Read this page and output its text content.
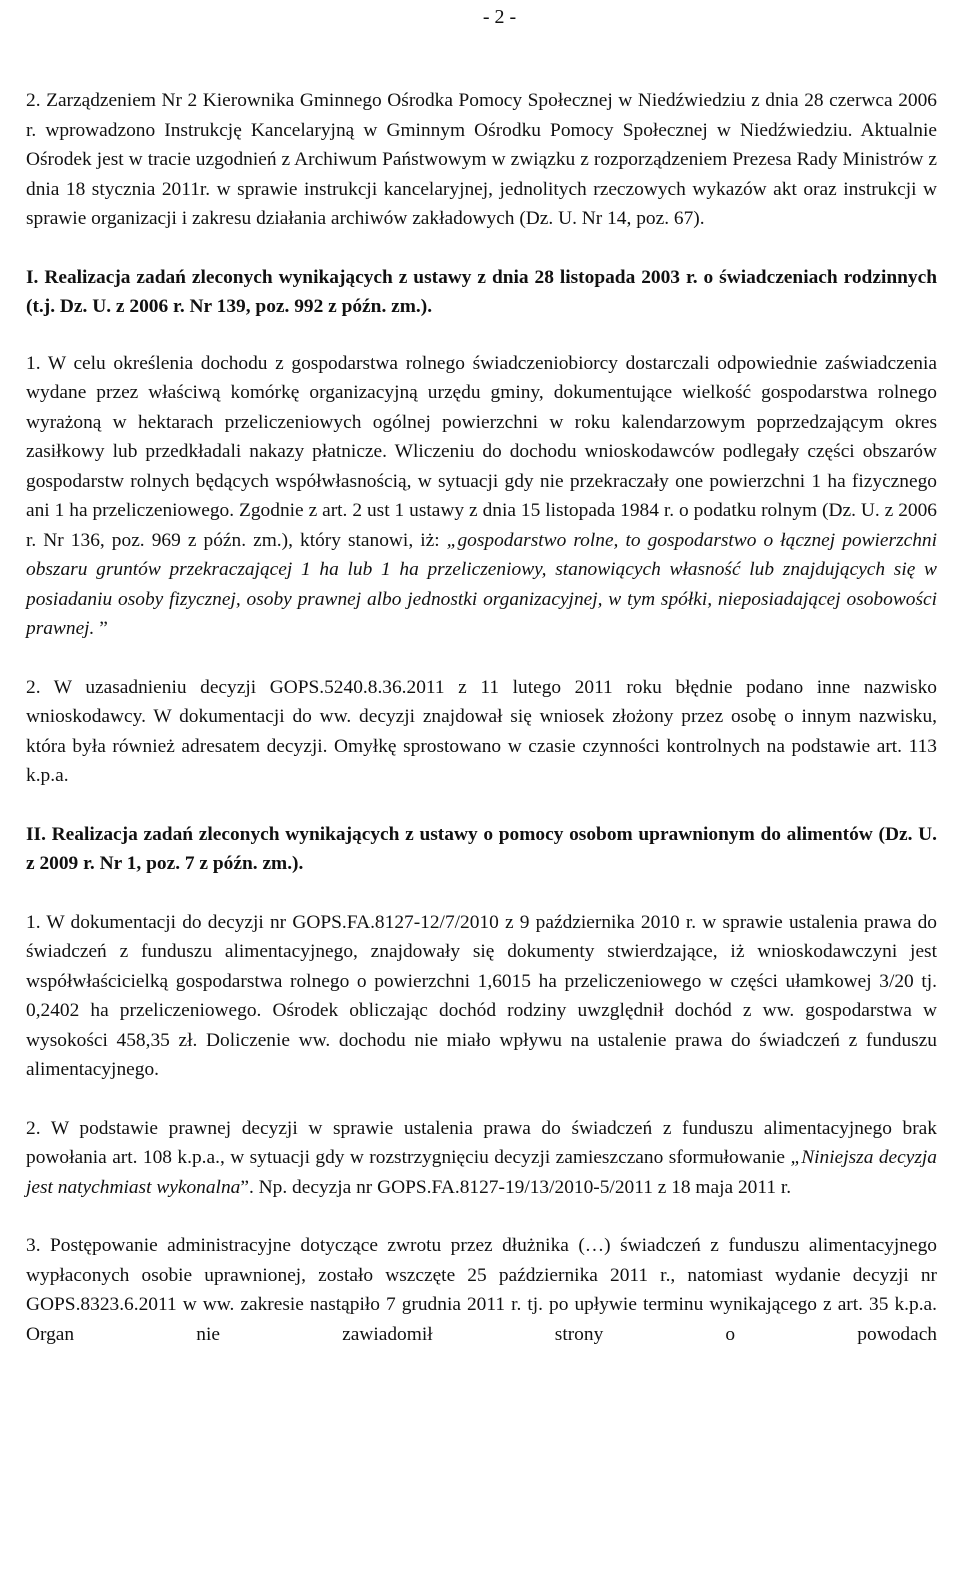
- 2 -

2. Zarządzeniem Nr 2 Kierownika Gminnego Ośrodka Pomocy Społecznej w Niedźwiedziu z dnia 28 czerwca 2006 r. wprowadzono Instrukcję Kancelaryjną w Gminnym Ośrodku Pomocy Społecznej w Niedźwiedziu. Aktualnie Ośrodek jest w tracie uzgodnień z Archiwum Państwowym w związku z rozporządzeniem Prezesa Rady Ministrów z dnia 18 stycznia 2011r. w sprawie instrukcji kancelaryjnej, jednolitych rzeczowych wykazów akt oraz instrukcji w sprawie organizacji i zakresu działania archiwów zakładowych (Dz. U. Nr 14, poz. 67).

I. Realizacja zadań zleconych wynikających z ustawy z dnia 28 listopada 2003 r. o świadczeniach rodzinnych (t.j. Dz. U. z 2006 r. Nr 139, poz. 992 z późn. zm.).

1. W celu określenia dochodu z gospodarstwa rolnego świadczeniobiorcy dostarczali odpowiednie zaświadczenia wydane przez właściwą komórkę organizacyjną urzędu gminy, dokumentujące wielkość gospodarstwa rolnego wyrażoną w hektarach przeliczeniowych ogólnej powierzchni w roku kalendarzowym poprzedzającym okres zasiłkowy lub przedkładali nakazy płatnicze. Wliczeniu do dochodu wnioskodawców podlegały części obszarów gospodarstw rolnych będących współwłasnością, w sytuacji gdy nie przekraczały one powierzchni 1 ha fizycznego ani 1 ha przeliczeniowego. Zgodnie z art. 2 ust 1 ustawy z dnia 15 listopada 1984 r. o podatku rolnym (Dz. U. z 2006 r. Nr 136, poz. 969 z późn. zm.), który stanowi, iż: „gospodarstwo rolne, to gospodarstwo o łącznej powierzchni obszaru gruntów przekraczającej 1 ha lub 1 ha przeliczeniowy, stanowiących własność lub znajdujących się w posiadaniu osoby fizycznej, osoby prawnej albo jednostki organizacyjnej, w tym spółki, nieposiadającej osobowości prawnej. ”

2. W uzasadnieniu decyzji GOPS.5240.8.36.2011 z 11 lutego 2011 roku błędnie podano inne nazwisko wnioskodawcy. W dokumentacji do ww. decyzji znajdował się wniosek złożony przez osobę o innym nazwisku, która była również adresatem decyzji. Omyłkę sprostowano w czasie czynności kontrolnych na podstawie art. 113 k.p.a.

II. Realizacja zadań zleconych wynikających z ustawy o pomocy osobom uprawnionym do alimentów (Dz. U. z 2009 r. Nr 1, poz. 7 z późn. zm.).

1. W dokumentacji do decyzji nr GOPS.FA.8127-12/7/2010 z 9 października 2010 r. w sprawie ustalenia prawa do świadczeń z funduszu alimentacyjnego, znajdowały się dokumenty stwierdzające, iż wnioskodawczyni jest współwłaścicielką gospodarstwa rolnego o powierzchni 1,6015 ha przeliczeniowego w części ułamkowej 3/20 tj. 0,2402 ha przeliczeniowego. Ośrodek obliczając dochód rodziny uwzględnił dochód z ww. gospodarstwa w wysokości 458,35 zł. Doliczenie ww. dochodu nie miało wpływu na ustalenie prawa do świadczeń z funduszu alimentacyjnego.

2. W podstawie prawnej decyzji w sprawie ustalenia prawa do świadczeń z funduszu alimentacyjnego brak powołania art. 108 k.p.a., w sytuacji gdy w rozstrzygnięciu decyzji zamieszczano sformułowanie „Niniejsza decyzja jest natychmiast wykonalna”. Np. decyzja nr GOPS.FA.8127-19/13/2010-5/2011 z 18 maja 2011 r.

3. Postępowanie administracyjne dotyczące zwrotu przez dłużnika (…) świadczeń z funduszu alimentacyjnego wypłaconych osobie uprawnionej, zostało wszczęte 25 października 2011 r., natomiast wydanie decyzji nr GOPS.8323.6.2011 w ww. zakresie nastąpiło 7 grudnia 2011 r. tj. po upływie terminu wynikającego z art. 35 k.p.a. Organ nie zawiadomił strony o powodach
